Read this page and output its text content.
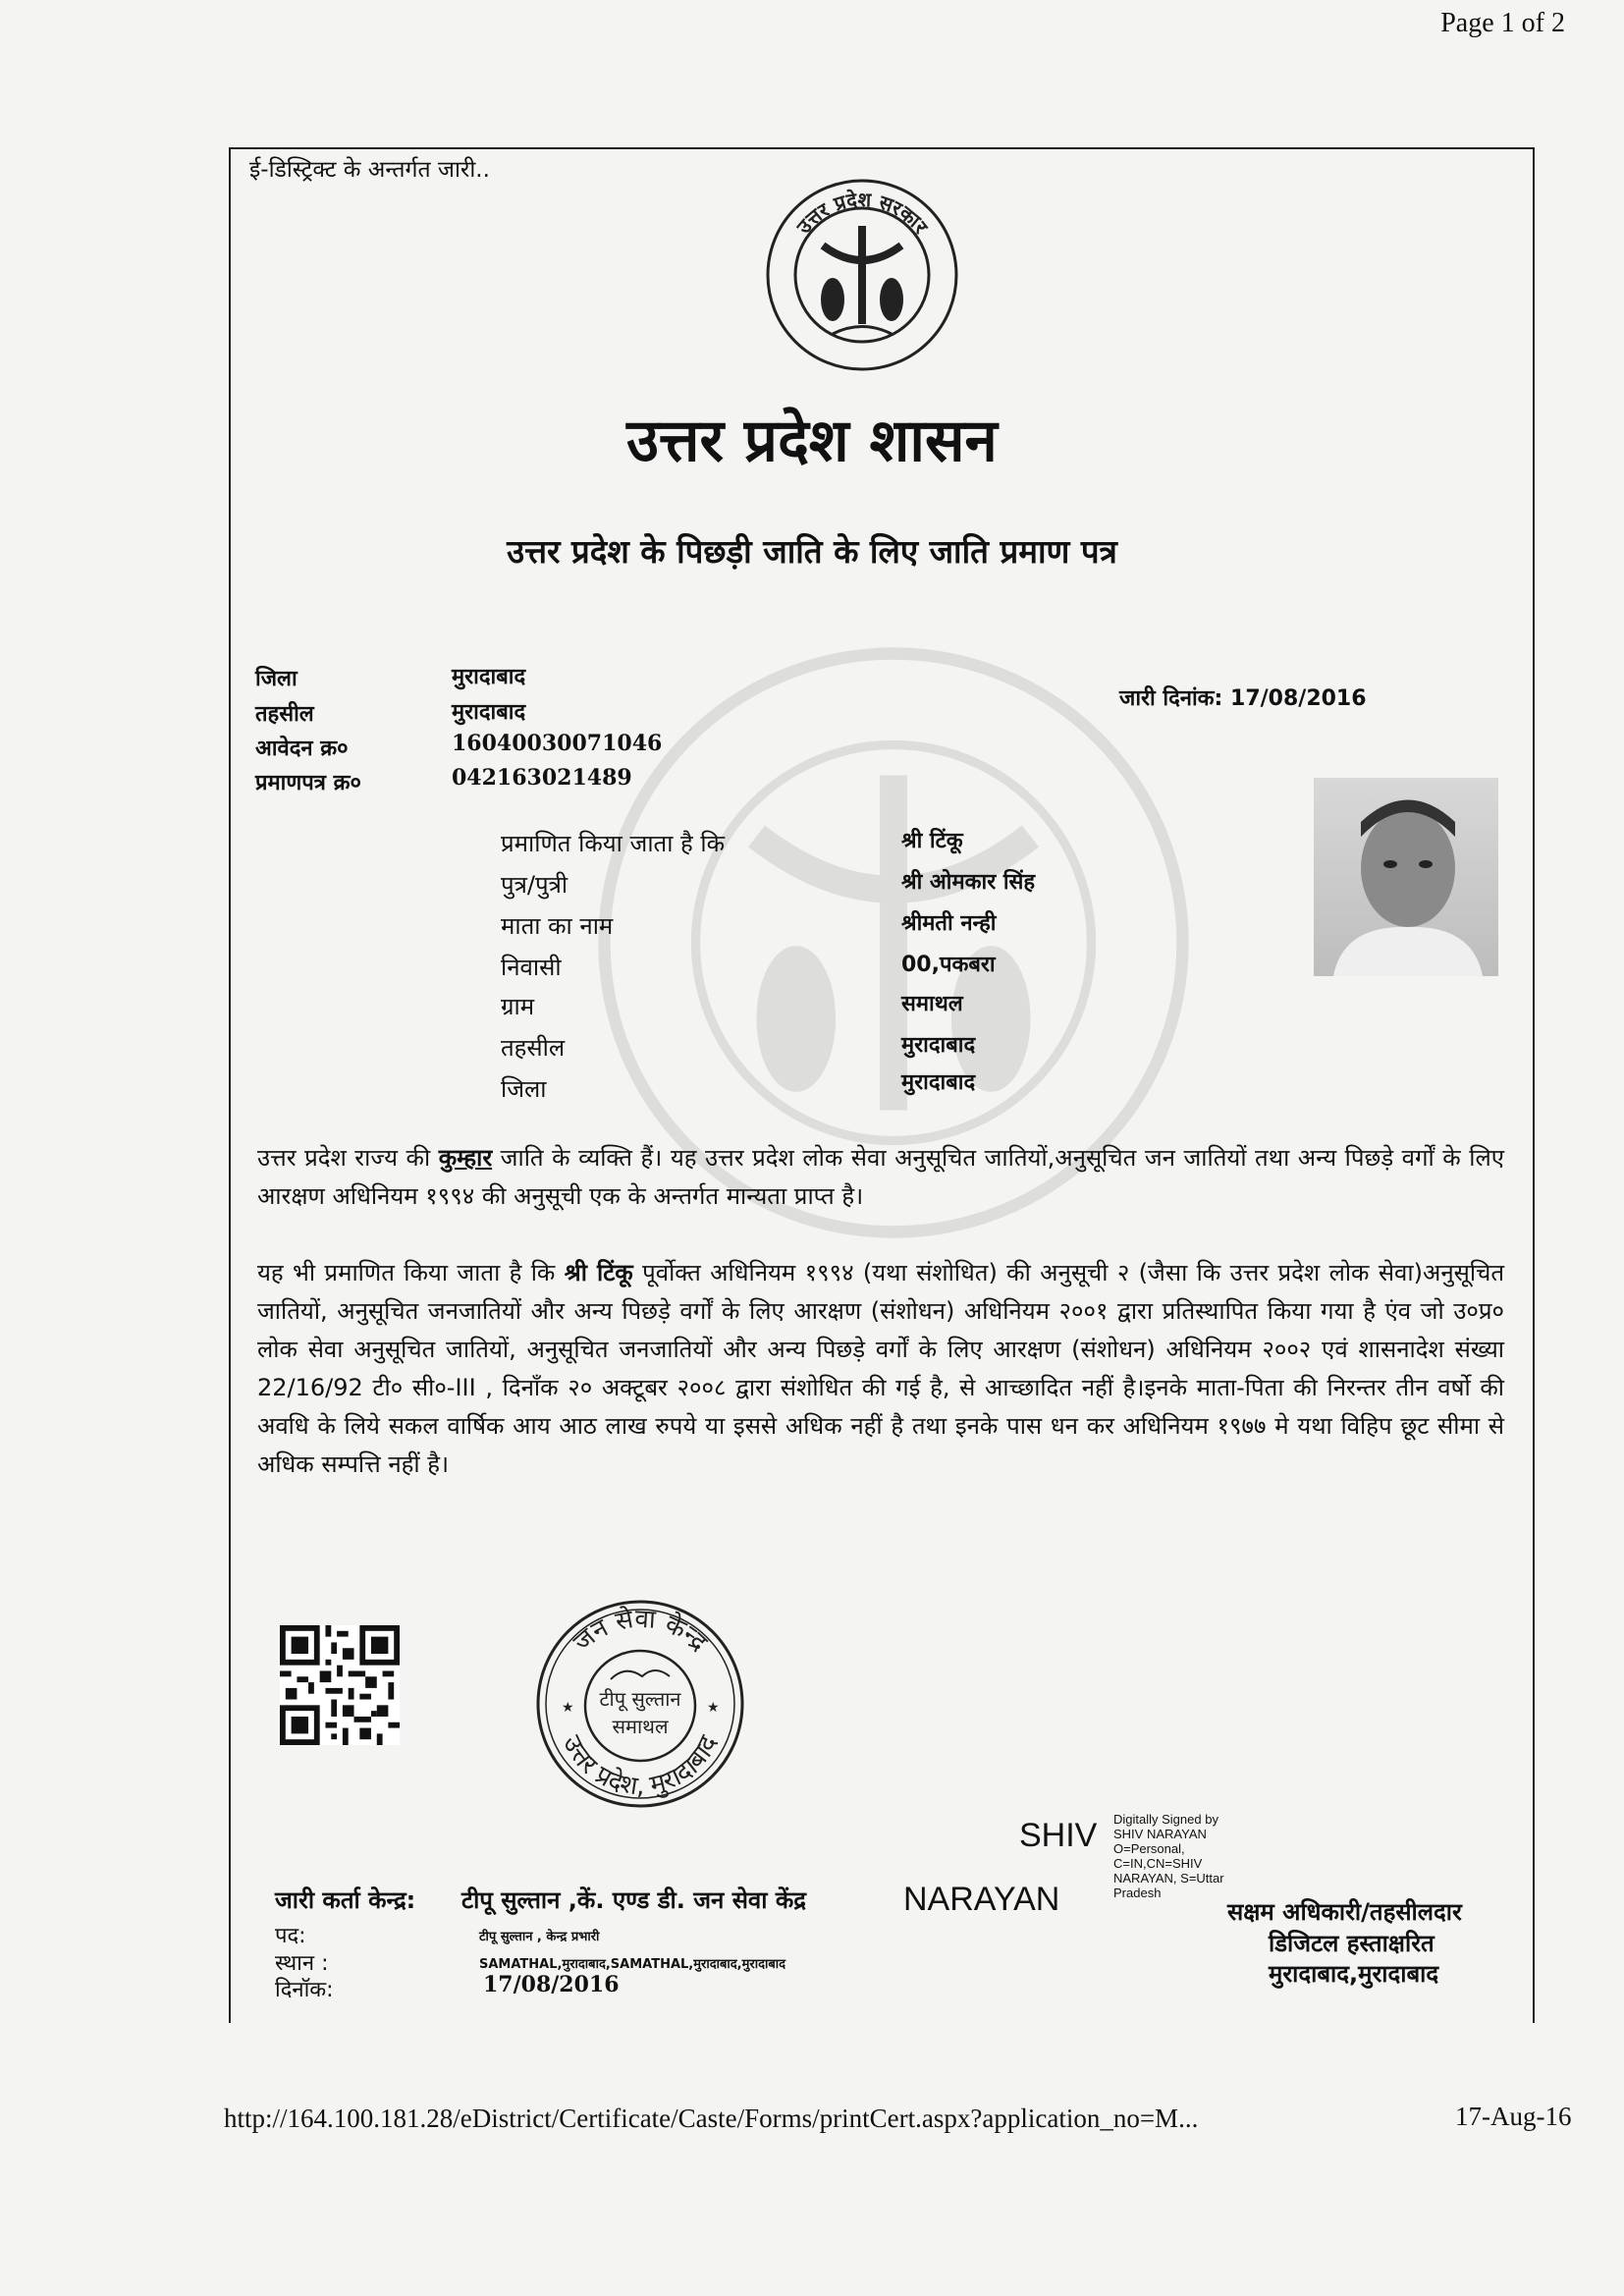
Page 1 of 2
ई-डिस्ट्रिक्ट के अन्तर्गत जारी..
उत्तर प्रदेश सरकार
उत्तर प्रदेश शासन
उत्तर प्रदेश के पिछड़ी जाति के लिए जाति प्रमाण पत्र
जिला	मुरादाबाद
तहसील	मुरादाबाद
आवेदन क्र०	16040030071046
प्रमाणपत्र क्र०	042163021489
जारी दिनांक: 17/08/2016
प्रमाणित किया जाता है कि	श्री टिंकू
पुत्र/पुत्री	श्री ओमकार सिंह
माता का नाम	श्रीमती नन्ही
निवासी	00,पकबरा
ग्राम	समाथल
तहसील	मुरादाबाद
जिला	मुरादाबाद
उत्तर प्रदेश राज्य की कुम्हार जाति के व्यक्ति हैं। यह उत्तर प्रदेश लोक सेवा अनुसूचित जातियों,अनुसूचित जन जातियों तथा अन्य पिछड़े वर्गों के लिए आरक्षण अधिनियम १९९४ की अनुसूची एक के अन्तर्गत मान्यता प्राप्त है।
यह भी प्रमाणित किया जाता है कि श्री टिंकू पूर्वोक्त अधिनियम १९९४ (यथा संशोधित) की अनुसूची २ (जैसा कि उत्तर प्रदेश लोक सेवा)अनुसूचित जातियों, अनुसूचित जनजातियों और अन्य पिछड़े वर्गों के लिए आरक्षण (संशोधन) अधिनियम २००१ द्वारा प्रतिस्थापित किया गया है एंव जो उ०प्र० लोक सेवा अनुसूचित जातियों, अनुसूचित जनजातियों और अन्य पिछड़े वर्गों के लिए आरक्षण (संशोधन) अधिनियम २००२ एवं शासनादेश संख्या 22/16/92 टी० सी०-III , दिनाँक २० अक्टूबर २००८ द्वारा संशोधित की गई है, से आच्छादित नहीं है।इनके माता-पिता की निरन्तर तीन वर्षो की अवधि के लिये सकल वार्षिक आय आठ लाख रुपये या इससे अधिक नहीं है तथा इनके पास धन कर अधिनियम १९७७ मे यथा विहिप छूट सीमा से अधिक सम्पत्ति नहीं है।
जन सेवा केन्द्र
उत्तर प्रदेश, मुरादाबाद
टीपू सुल्तान
समाथल
★	★
जारी कर्ता केन्द्र: टीपू सुल्तान ,कें. एण्ड डी. जन सेवा केंद्र	NARAYAN
SHIV Digitally Signed by SHIV NARAYAN O=Personal, C=IN,CN=SHIV NARAYAN, S=Uttar Pradesh
पद:	टीपू सुल्तान , केन्द्र प्रभारी
स्थान :	SAMATHAL,मुरादाबाद,SAMATHAL,मुरादाबाद,मुरादाबाद
दिनॉक:	17/08/2016
सक्षम अधिकारी/तहसीलदार
डिजिटल हस्ताक्षरित
मुरादाबाद,मुरादाबाद
http://164.100.181.28/eDistrict/Certificate/Caste/Forms/printCert.aspx?application_no=M...	17-Aug-16
